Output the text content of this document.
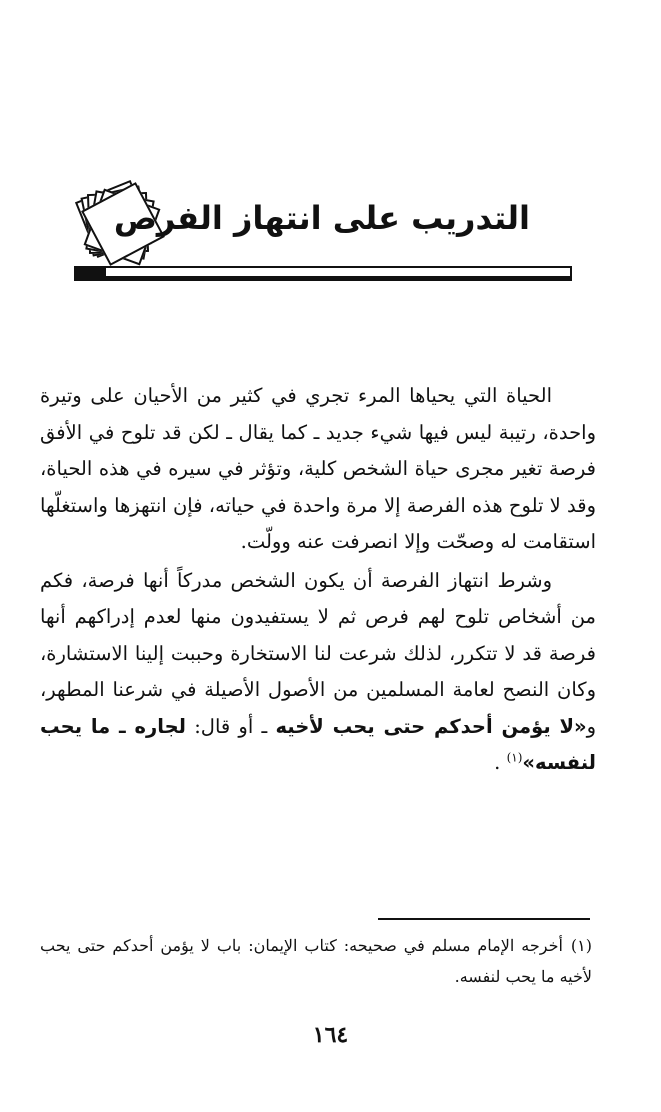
التدريب على انتهاز الفرص

الحياة التي يحياها المرء تجري في كثير من الأحيان على وتيرة واحدة، رتيبة ليس فيها شيء جديد ـ كما يقال ـ لكن قد تلوح في الأفق فرصة تغير مجرى حياة الشخص كلية، وتؤثر في سيره في هذه الحياة، وقد لا تلوح هذه الفرصة إلا مرة واحدة في حياته، فإن انتهزها واستغلّها استقامت له وصحّت وإلا انصرفت عنه وولّت.

وشرط انتهاز الفرصة أن يكون الشخص مدركاً أنها فرصة، فكم من أشخاص تلوح لهم فرص ثم لا يستفيدون منها لعدم إدراكهم أنها فرصة قد لا تتكرر، لذلك شرعت لنا الاستخارة وحببت إلينا الاستشارة، وكان النصح لعامة المسلمين من الأصول الأصيلة في شرعنا المطهر، و«لا يؤمن أحدكم حتى يحب لأخيه ـ أو قال: لجاره ـ ما يحب لنفسه»$^{(١)}$ .

(١)أخرجه الإمام مسلم في صحيحه: كتاب الإيمان: باب لا يؤمن أحدكم حتى يحب لأخيه ما يحب لنفسه.

١٦٤
